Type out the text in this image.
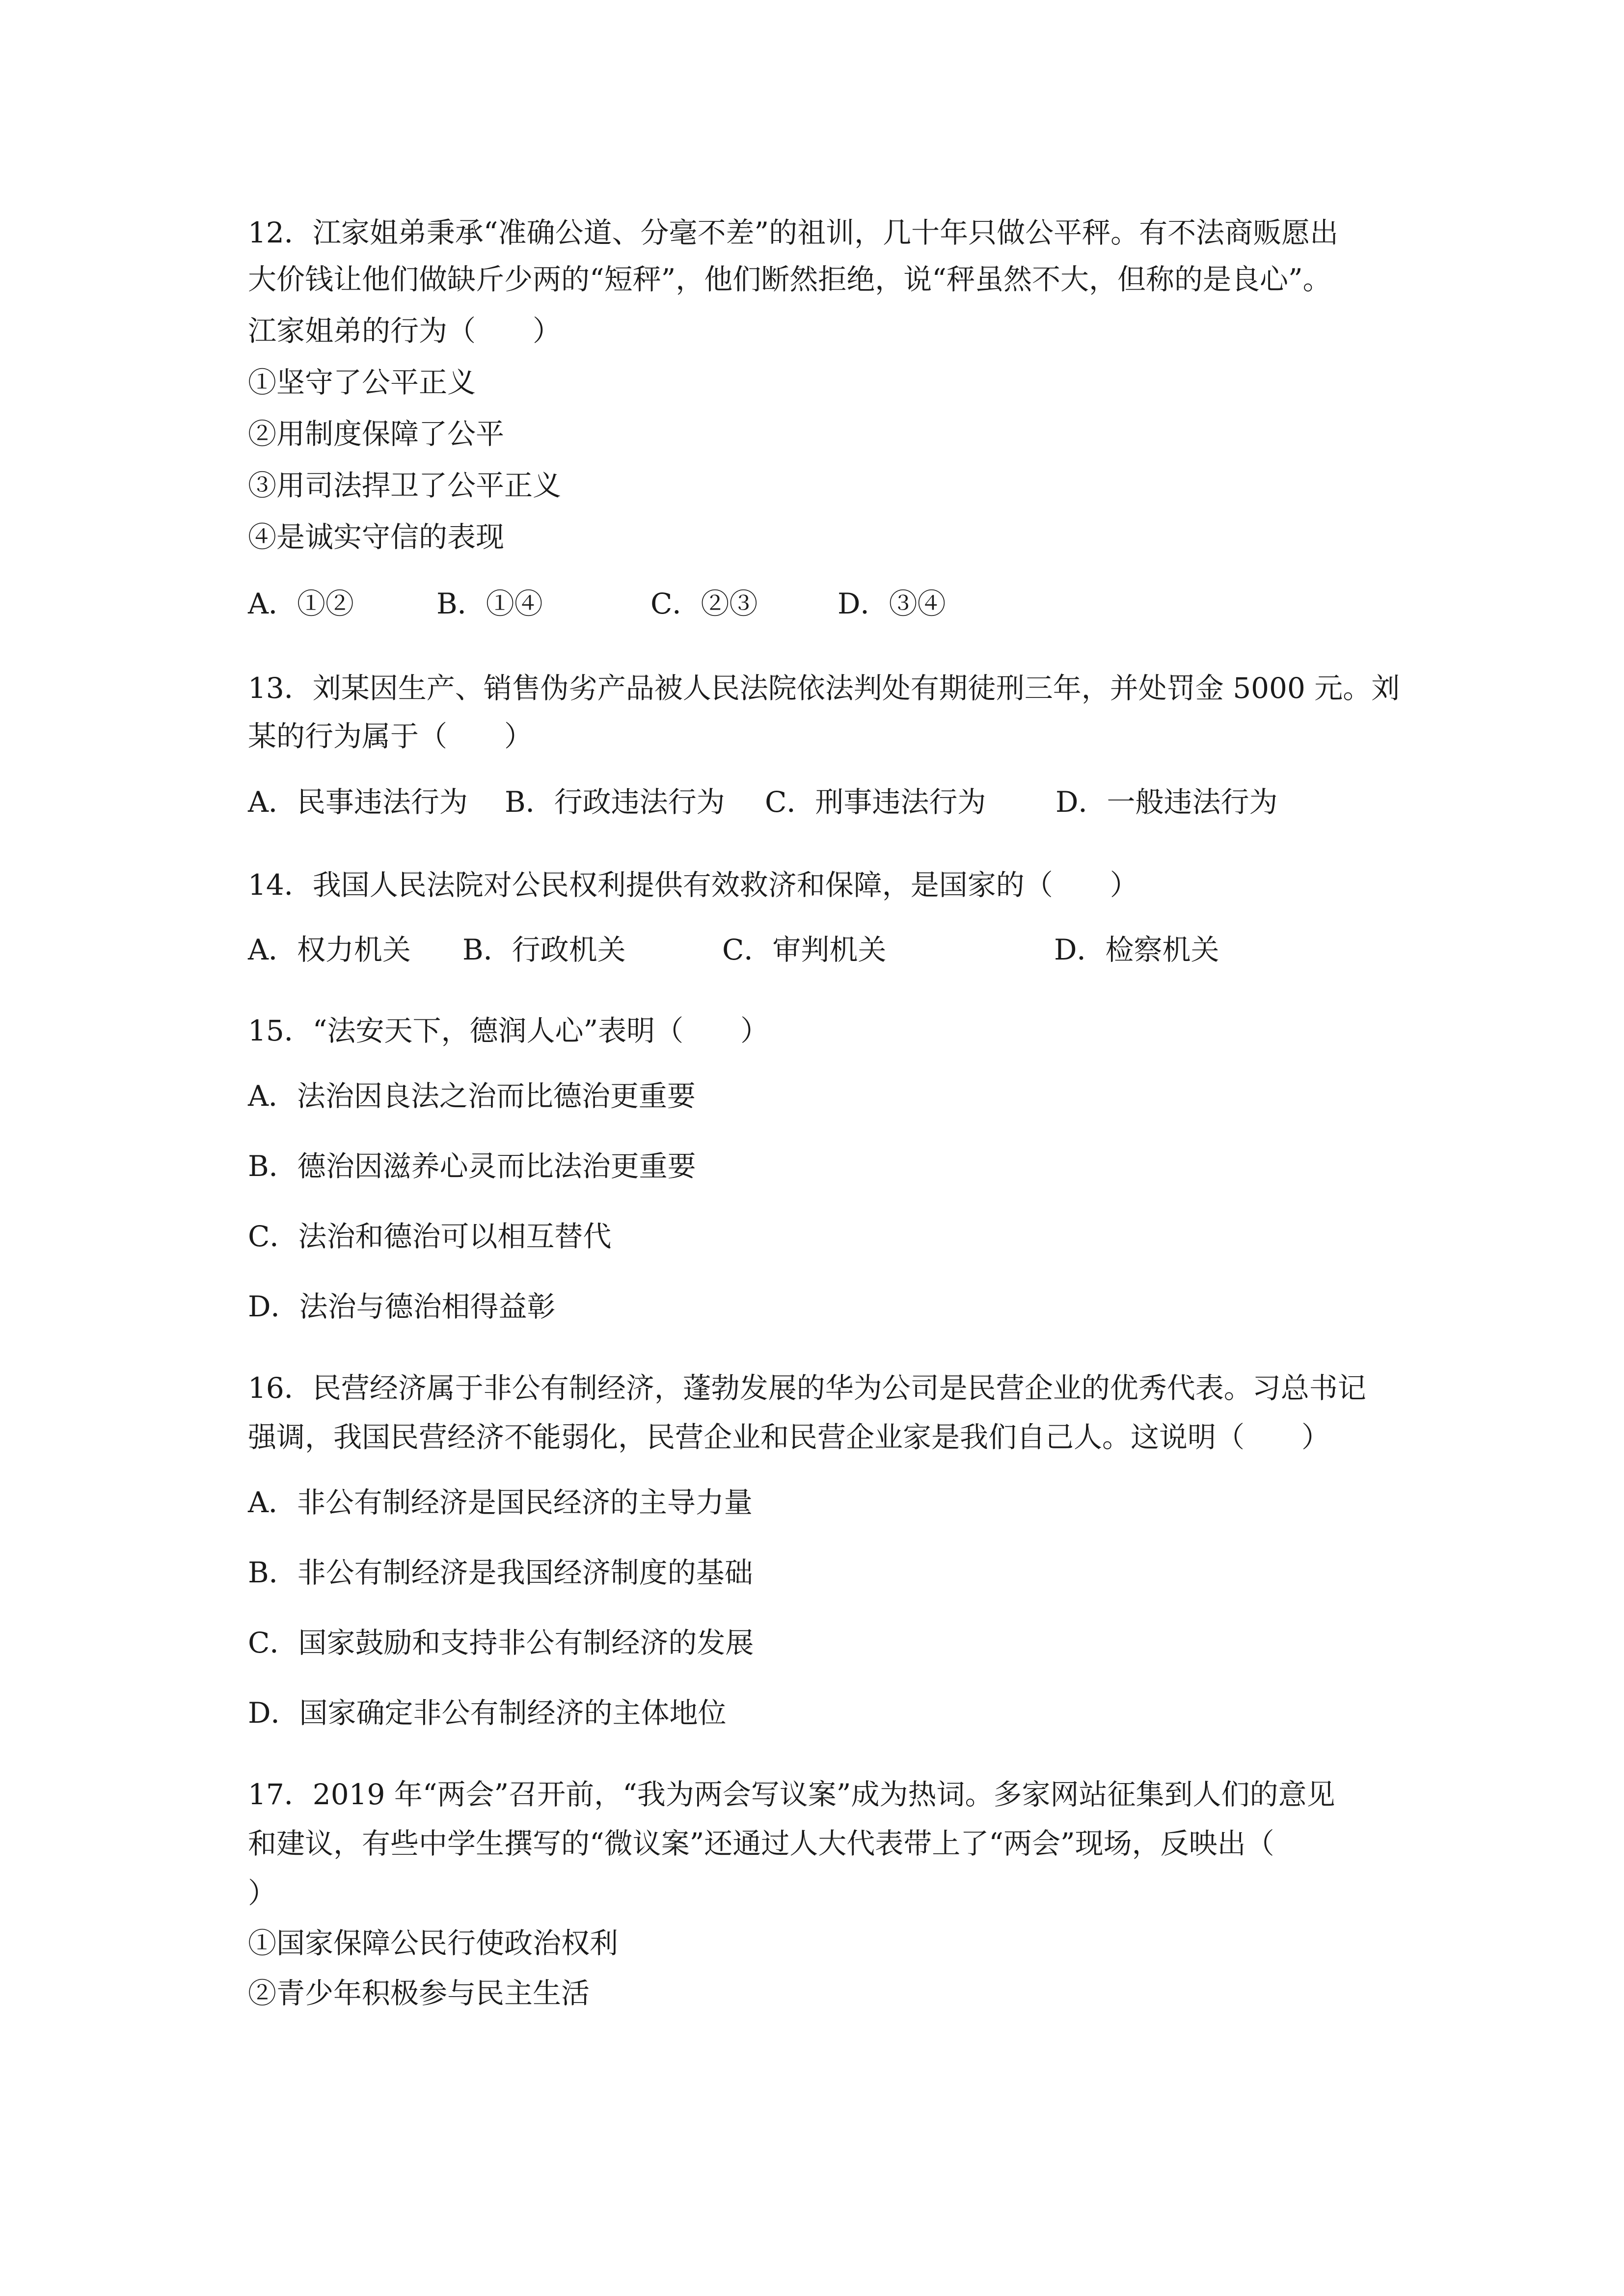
12．江家姐弟秉承“准确公道、分毫不差”的祖训，几十年只做公平秤。有不法商贩愿出
大价钱让他们做缺斤少两的“短秤”，他们断然拒绝，说“秤虽然不大，但称的是良心”。
江家姐弟的行为（　　）
①坚守了公平正义
②用制度保障了公平
③用司法捍卫了公平正义
④是诚实守信的表现
A．①②	B．①④	C．②③	D．③④
13．刘某因生产、销售伪劣产品被人民法院依法判处有期徒刑三年，并处罚金 5000 元。刘
某的行为属于（　　）
A．民事违法行为 B．行政违法行为 C．刑事违法行为 D．一般违法行为
14．我国人民法院对公民权利提供有效救济和保障，是国家的（　　）
A．权力机关 B．行政机关	C．审判机关	D．检察机关
15．“法安天下，德润人心”表明（　　）
A．法治因良法之治而比德治更重要
B．德治因滋养心灵而比法治更重要
C．法治和德治可以相互替代
D．法治与德治相得益彰
16．民营经济属于非公有制经济，蓬勃发展的华为公司是民营企业的优秀代表。习总书记
强调，我国民营经济不能弱化，民营企业和民营企业家是我们自己人。这说明（　　）
A．非公有制经济是国民经济的主导力量
B．非公有制经济是我国经济制度的基础
C．国家鼓励和支持非公有制经济的发展
D．国家确定非公有制经济的主体地位
17．2019 年“两会”召开前，“我为两会写议案”成为热词。多家网站征集到人们的意见
和建议，有些中学生撰写的“微议案”还通过人大代表带上了“两会”现场，反映出（
）
①国家保障公民行使政治权利
②青少年积极参与民主生活
